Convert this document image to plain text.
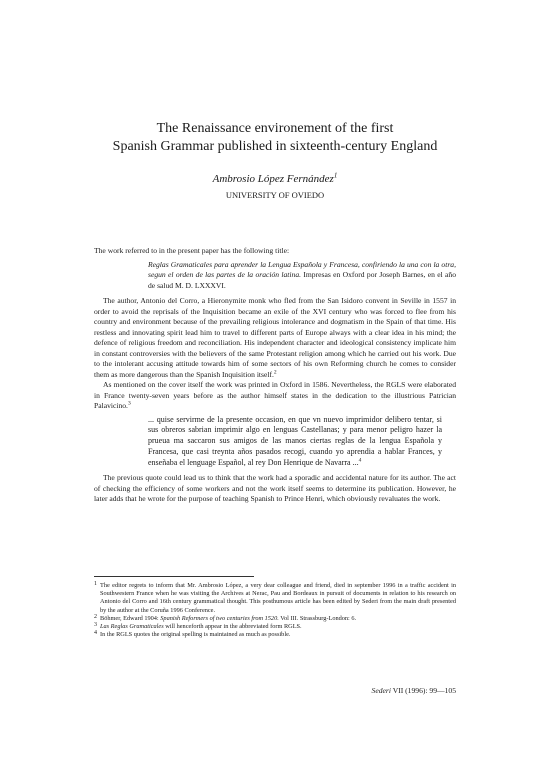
The Renaissance environement of the first
Spanish Grammar published in sixteenth-century England
Ambrosio López Fernández$^1$
UNIVERSITY OF OVIEDO

The work referred to in the present paper has the following title:

Reglas Gramaticales para aprender la Lengua Española y Francesa, confiriendo la una con la otra, segun el orden de las partes de la oración latina. Impresas en Oxford por Joseph Barnes, en el año de salud M. D. LXXXVI.

The author, Antonio del Corro, a Hieronymite monk who fled from the San Isidoro convent in Seville in 1557 in order to avoid the reprisals of the Inquisition became an exile of the XVI century who was forced to flee from his country and environment because of the prevailing religious intolerance and dogmatism in the Spain of that time. His restless and innovating spirit lead him to travel to different parts of Europe always with a clear idea in his mind; the defence of religious freedom and reconciliation. His independent character and ideological consistency implicate him in constant controversies with the believers of the same Protestant religion among which he carried out his work. Due to the intolerant accusing attitude towards him of some sectors of his own Reforming church he comes to consider them as more dangerous than the Spanish Inquisition itself.$^2$

As mentioned on the cover itself the work was printed in Oxford in 1586. Nevertheless, the RGLS were elaborated in France twenty-seven years before as the author himself states in the dedication to the illustrious Patrician Palavicino.$^3$

... quise servirme de la presente occasion, en que vn nuevo imprimidor delibero tentar, si sus obreros sabrian imprimir algo en lenguas Castellanas; y para menor peligro hazer la prueua ma saccaron sus amigos de las manos ciertas reglas de la lengua Española y Francesa, que casi treynta años pasados recogi, cuando yo aprendia a hablar Frances, y enseñaba el lenguage Español, al rey Don Henrique de Navarra ...$^4$

The previous quote could lead us to think that the work had a sporadic and accidental nature for its author. The act of checking the efficiency of some workers and not the work itself seems to determine its publication. However, he later adds that he wrote for the purpose of teaching Spanish to Prince Henri, which obviously revaluates the work.

1 The editor regrets to inform that Mr. Ambrosio López, a very dear colleague and friend, died in september 1996 in a traffic accident in Southwestern France when he was visiting the Archives at Nerac, Pau and Bordeaux in pursuit of documents in relation to his research on Antonio del Corro and 16th century grammatical thought. This posthumous article has been edited by Sederi from the main draft presented by the author at the Coruña 1996 Conference.
2 Böhmer, Edward 1904: Spanish Reformers of two centuries from 1520. Vol III. Strassburg-London: 6.
3 Las Reglas Gramaticales will henceforth appear in the abbreviated form RGLS.
4 In the RGLS quotes the original spelling is maintained as much as possible.
Sederi VII (1996): 99—105
